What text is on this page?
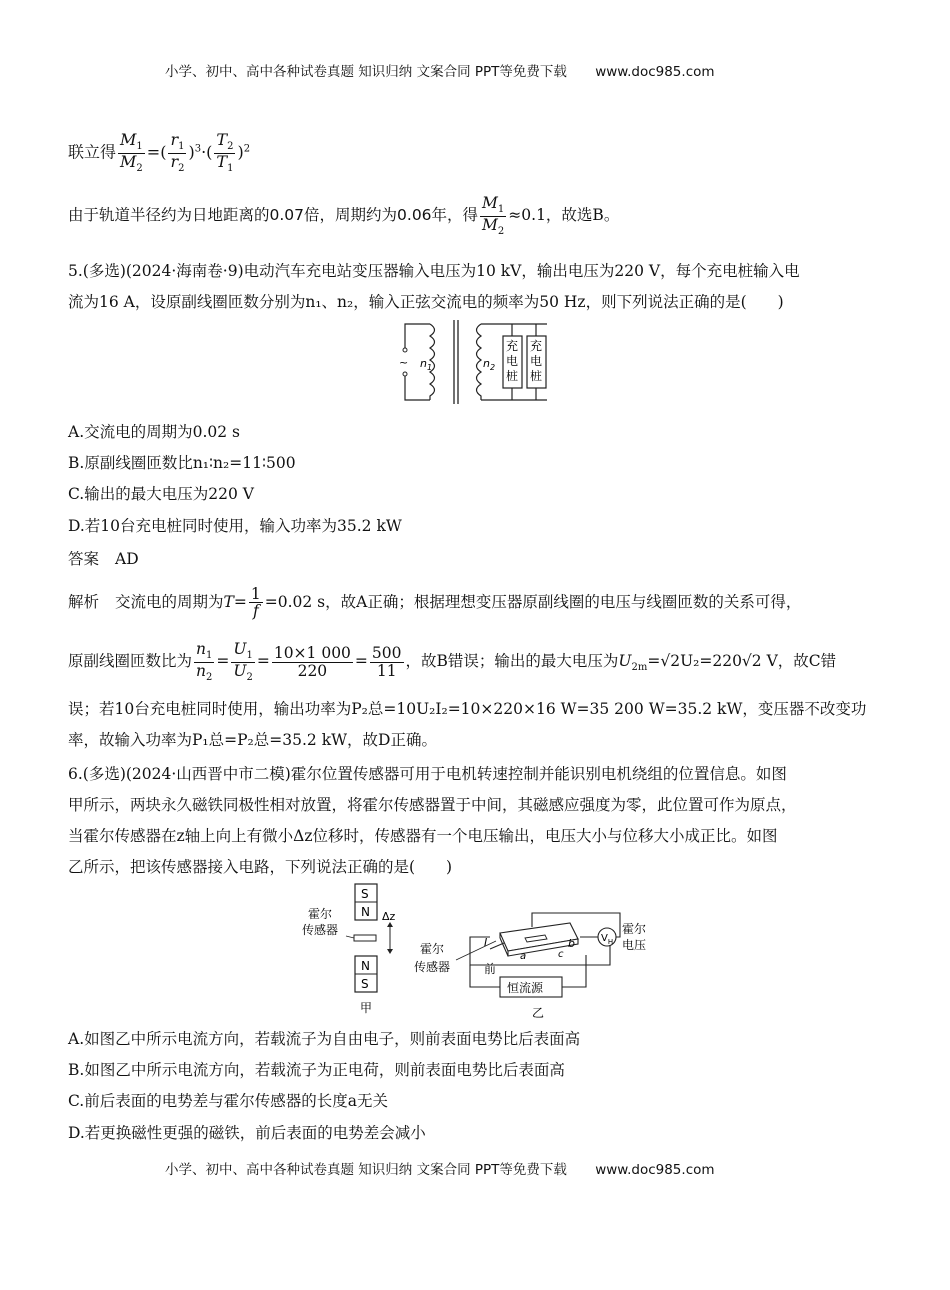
小学、初中、高中各种试卷真题 知识归纳 文案合同 PPT等免费下载 www.doc985.com
联立得 $\frac{M_1}{M_2}$ =( $\frac{r_1}{r_2} )^3\cdot( \frac{T_2}{T_1} )^2$
由于轨道半径约为日地距离的0.07倍，周期约为0.06年，得 $\frac{M_1}{M_2} \approx 0.1$，故选B。
5.(多选)(2024·海南卷·9)电动汽车充电站变压器输入电压为10 kV，输出电压为220 V，每个充电桩输入电
流为16 A，设原副线圈匝数分别为n₁、n₂，输入正弦交流电的频率为50 Hz，则下列说法正确的是(　　)
~ $n_1$	$n_2$
充电桩
充电桩
A.交流电的周期为0.02 s
B.原副线圈匝数比n₁∶n₂=11∶500
C.输出的最大电压为220 V
D.若10台充电桩同时使用，输入功率为35.2 kW
答案 AD
解析 交流电的周期为$T= \frac{1}{f} =0.02$ s，故A正确；根据理想变压器原副线圈的电压与线圈匝数的关系可得，
原副线圈匝数比为 $\frac{n_1}{n_2} = \frac{U_1}{U_2} = \frac{10\times 1 000}{220} = \frac{500}{11}$ ，故B错误；输出的最大电压为$U_{2m}=√2U_2=220√2$ V，故C错
误；若10台充电桩同时使用，输出功率为P₂总=10U₂I₂=10×220×16 W=35 200 W=35.2 kW，变压器不改变功
率，故输入功率为P₁总=P₂总=35.2 kW，故D正确。
6.(多选)(2024·山西晋中市二模)霍尔位置传感器可用于电机转速控制并能识别电机绕组的位置信息。如图
甲所示，两块永久磁铁同极性相对放置，将霍尔传感器置于中间，其磁感应强度为零，此位置可作为原点，
当霍尔传感器在z轴上向上有微小Δz位移时，传感器有一个电压输出，电压大小与位移大小成正比。如图
乙所示，把该传感器接入电路，下列说法正确的是(　　)
S
N
N
S
霍尔
传感器
Δz
甲
$V_H$
霍尔
电压
a
b
c
I
前
恒流源
霍尔
传感器
乙
A.如图乙中所示电流方向，若载流子为自由电子，则前表面电势比后表面高
B.如图乙中所示电流方向，若载流子为正电荷，则前表面电势比后表面高
C.前后表面的电势差与霍尔传感器的长度a无关
D.若更换磁性更强的磁铁，前后表面的电势差会减小
小学、初中、高中各种试卷真题 知识归纳 文案合同 PPT等免费下载 www.doc985.com
